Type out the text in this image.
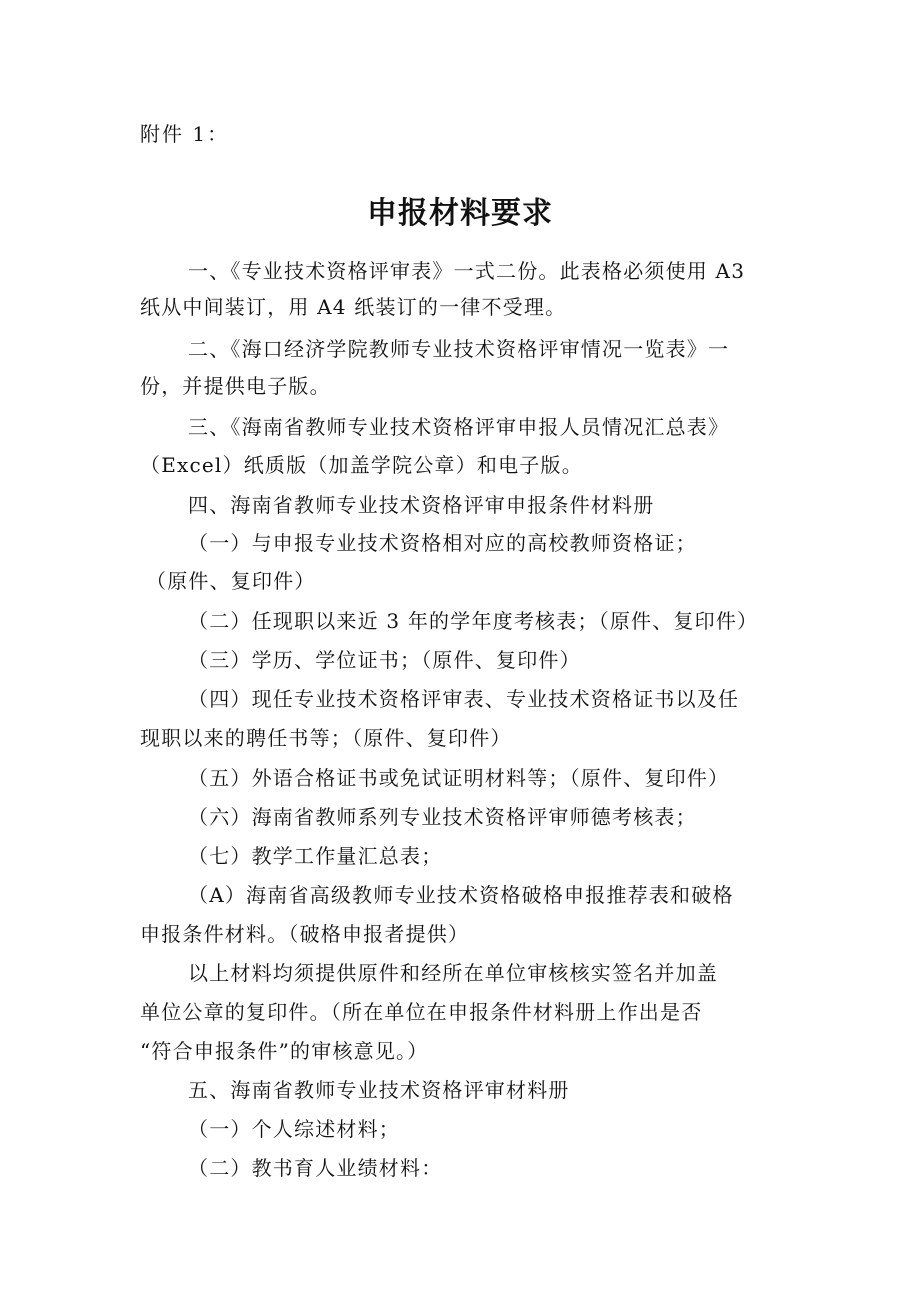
附件 1：
申报材料要求
一、《专业技术资格评审表》一式二份。此表格必须使用 A3
纸从中间装订，用 A4 纸装订的一律不受理。
二、《海口经济学院教师专业技术资格评审情况一览表》一
份，并提供电子版。
三、《海南省教师专业技术资格评审申报人员情况汇总表》
（Excel）纸质版（加盖学院公章）和电子版。
四、海南省教师专业技术资格评审申报条件材料册
（一）与申报专业技术资格相对应的高校教师资格证；
（原件、复印件）
（二）任现职以来近 3 年的学年度考核表；（原件、复印件）
（三）学历、学位证书；（原件、复印件）
（四）现任专业技术资格评审表、专业技术资格证书以及任
现职以来的聘任书等；（原件、复印件）
（五）外语合格证书或免试证明材料等；（原件、复印件）
（六）海南省教师系列专业技术资格评审师德考核表；
（七）教学工作量汇总表；
（A）海南省高级教师专业技术资格破格申报推荐表和破格
申报条件材料。（破格申报者提供）
以上材料均须提供原件和经所在单位审核核实签名并加盖
单位公章的复印件。（所在单位在申报条件材料册上作出是否
“符合申报条件”的审核意见。）
五、海南省教师专业技术资格评审材料册
（一）个人综述材料；
（二）教书育人业绩材料：
